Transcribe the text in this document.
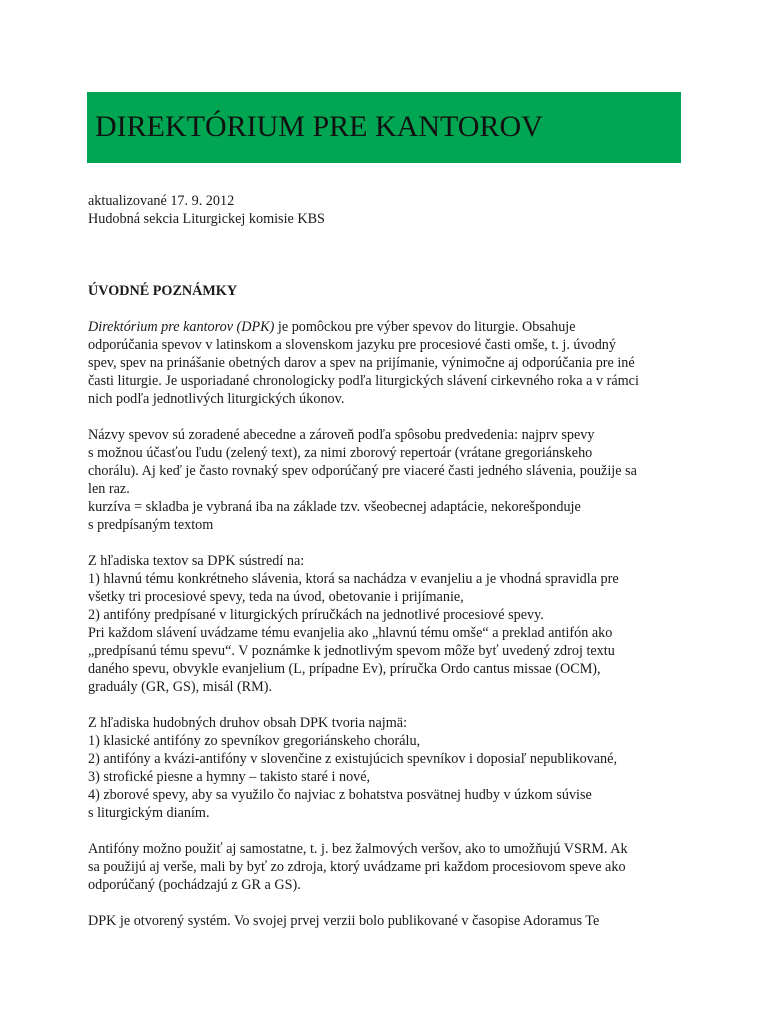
DIREKTÓRIUM PRE KANTOROV

aktualizované 17. 9. 2012

Hudobná sekcia Liturgickej komisie KBS

ÚVODNÉ POZNÁMKY

Direktórium pre kantorov (DPK) je pomôckou pre výber spevov do liturgie. Obsahuje

odporúčania spevov v latinskom a slovenskom jazyku pre procesiové časti omše, t. j. úvodný

spev, spev na prinášanie obetných darov a spev na prijímanie, výnimočne aj odporúčania pre iné

časti liturgie. Je usporiadané chronologicky podľa liturgických slávení cirkevného roka a v rámci

nich podľa jednotlivých liturgických úkonov.

Názvy spevov sú zoradené abecedne a zároveň podľa spôsobu predvedenia: najprv spevy

s možnou účasťou ľudu (zelený text), za nimi zborový repertoár (vrátane gregoriánskeho

chorálu). Aj keď je často rovnaký spev odporúčaný pre viaceré časti jedného slávenia, použije sa

len raz.

kurzíva = skladba je vybraná iba na základe tzv. všeobecnej adaptácie, nekorešponduje

s predpísaným textom

Z hľadiska textov sa DPK sústredí na:

1) hlavnú tému konkrétneho slávenia, ktorá sa nachádza v evanjeliu a je vhodná spravidla pre

všetky tri procesiové spevy, teda na úvod, obetovanie i prijímanie,

2) antifóny predpísané v liturgických príručkách na jednotlivé procesiové spevy.

Pri každom slávení uvádzame tému evanjelia ako „hlavnú tému omše“ a preklad antifón ako

„predpísanú tému spevu“. V poznámke k jednotlivým spevom môže byť uvedený zdroj textu

daného spevu, obvykle evanjelium (L, prípadne Ev), príručka Ordo cantus missae (OCM),

graduály (GR, GS), misál (RM).

Z hľadiska hudobných druhov obsah DPK tvoria najmä:

1) klasické antifóny zo spevníkov gregoriánskeho chorálu,

2) antifóny a kvázi-antifóny v slovenčine z existujúcich spevníkov i doposiaľ nepublikované,

3) strofické piesne a hymny – takisto staré i nové,

4) zborové spevy, aby sa využilo čo najviac z bohatstva posvätnej hudby v úzkom súvise

s liturgickým dianím.

Antifóny možno použiť aj samostatne, t. j. bez žalmových veršov, ako to umožňujú VSRM. Ak

sa použijú aj verše, mali by byť zo zdroja, ktorý uvádzame pri každom procesiovom speve ako

odporúčaný (pochádzajú z GR a GS).

DPK je otvorený systém. Vo svojej prvej verzii bolo publikované v časopise Adoramus Te
